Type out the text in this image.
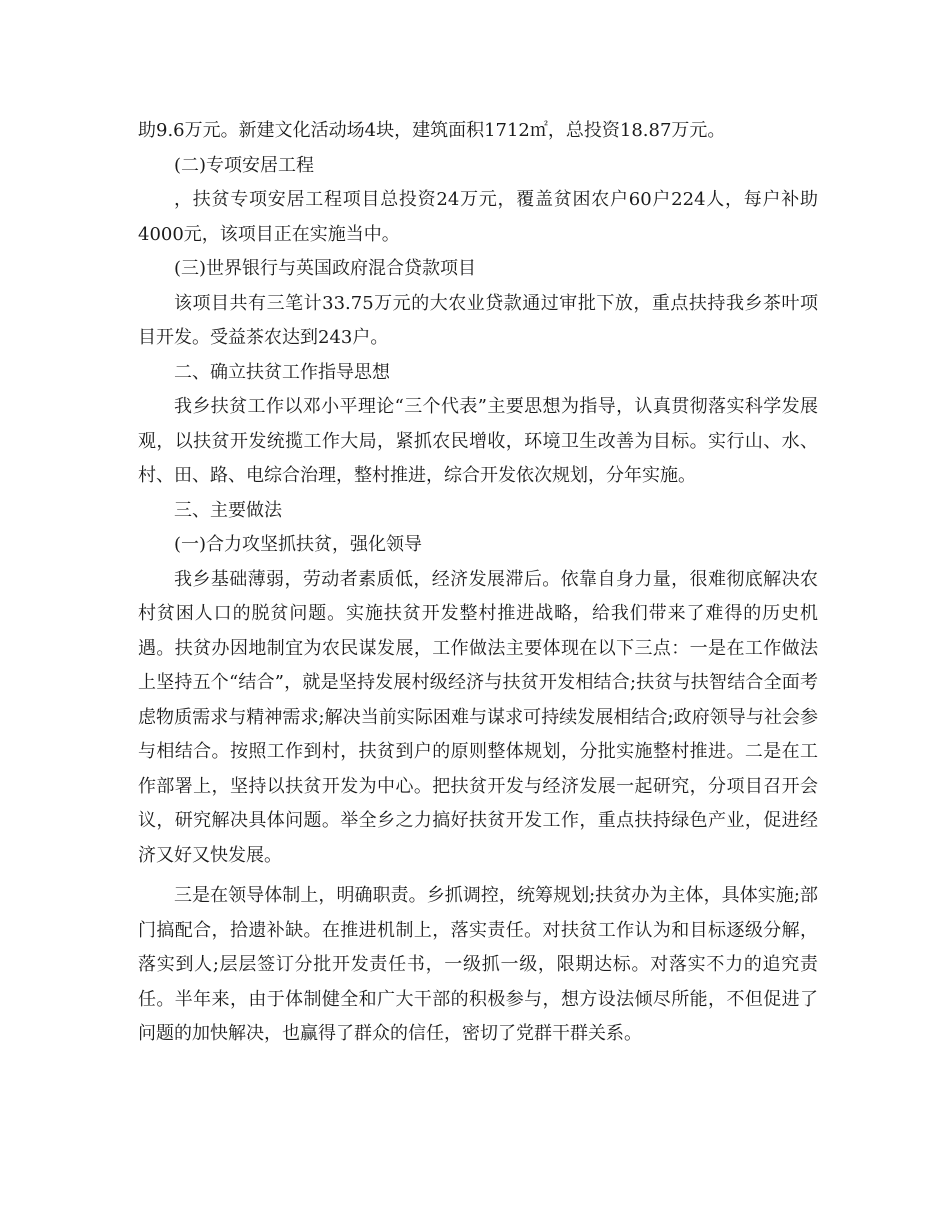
助9.6万元。新建文化活动场4块，建筑面积1712㎡，总投资18.87万元。

(二)专项安居工程

，扶贫专项安居工程项目总投资24万元，覆盖贫困农户60户224人，每户补助4000元，该项目正在实施当中。

(三)世界银行与英国政府混合贷款项目

该项目共有三笔计33.75万元的大农业贷款通过审批下放，重点扶持我乡茶叶项目开发。受益茶农达到243户。

二、确立扶贫工作指导思想

我乡扶贫工作以邓小平理论“三个代表”主要思想为指导，认真贯彻落实科学发展观，以扶贫开发统揽工作大局，紧抓农民增收，环境卫生改善为目标。实行山、水、村、田、路、电综合治理，整村推进，综合开发依次规划，分年实施。

三、主要做法

(一)合力攻坚抓扶贫，强化领导

我乡基础薄弱，劳动者素质低，经济发展滞后。依靠自身力量，很难彻底解决农村贫困人口的脱贫问题。实施扶贫开发整村推进战略，给我们带来了难得的历史机遇。扶贫办因地制宜为农民谋发展，工作做法主要体现在以下三点：一是在工作做法上坚持五个“结合”，就是坚持发展村级经济与扶贫开发相结合;扶贫与扶智结合全面考虑物质需求与精神需求;解决当前实际困难与谋求可持续发展相结合;政府领导与社会参与相结合。按照工作到村，扶贫到户的原则整体规划，分批实施整村推进。二是在工作部署上，坚持以扶贫开发为中心。把扶贫开发与经济发展一起研究，分项目召开会议，研究解决具体问题。举全乡之力搞好扶贫开发工作，重点扶持绿色产业，促进经济又好又快发展。

三是在领导体制上，明确职责。乡抓调控，统筹规划;扶贫办为主体，具体实施;部门搞配合，拾遗补缺。在推进机制上，落实责任。对扶贫工作认为和目标逐级分解，落实到人;层层签订分批开发责任书，一级抓一级，限期达标。对落实不力的追究责任。半年来，由于体制健全和广大干部的积极参与，想方设法倾尽所能，不但促进了问题的加快解决，也赢得了群众的信任，密切了党群干群关系。
